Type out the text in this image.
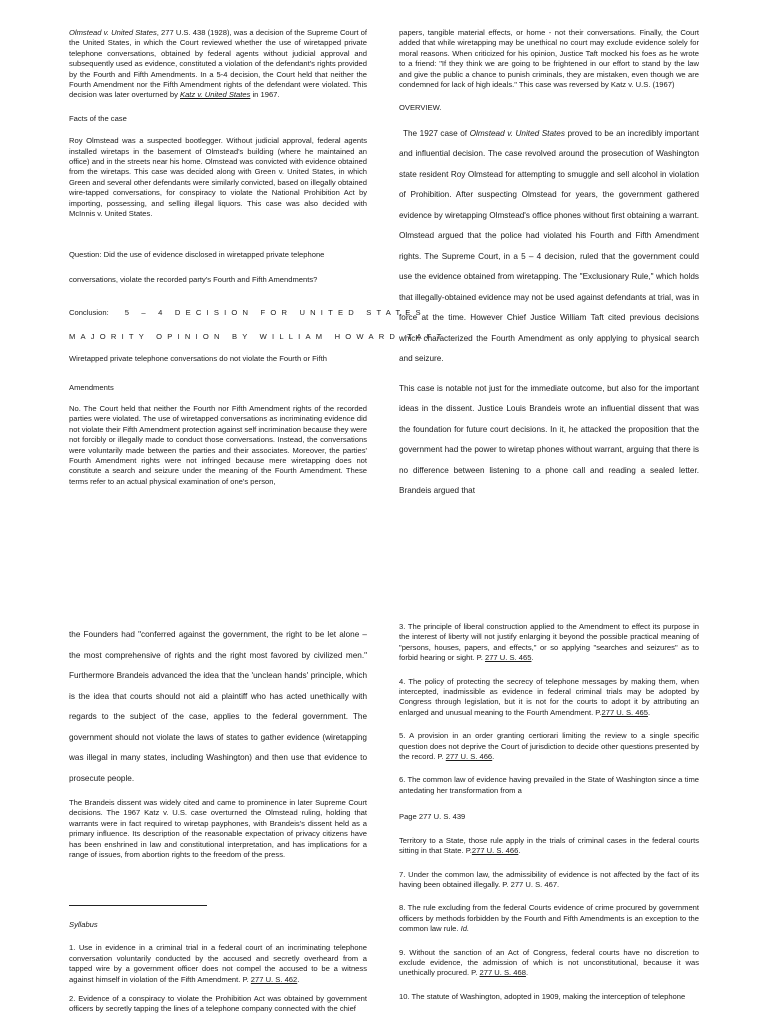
Olmstead v. United States, 277 U.S. 438 (1928), was a decision of the Supreme Court of the United States, in which the Court reviewed whether the use of wiretapped private telephone conversations, obtained by federal agents without judicial approval and subsequently used as evidence, constituted a violation of the defendant's rights provided by the Fourth and Fifth Amendments. In a 5-4 decision, the Court held that neither the Fourth Amendment nor the Fifth Amendment rights of the defendant were violated. This decision was later overturned by Katz v. United States in 1967.

Facts of the case

Roy Olmstead was a suspected bootlegger. Without judicial approval, federal agents installed wiretaps in the basement of Olmstead's building (where he maintained an office) and in the streets near his home. Olmstead was convicted with evidence obtained from the wiretaps. This case was decided along with Green v. United States, in which Green and several other defendants were similarly convicted, based on illegally obtained wire-tapped conversations, for conspiracy to violate the National Prohibition Act by importing, possessing, and selling illegal liquors. This case was also decided with McInnis v. United States.

Question: Did the use of evidence disclosed in wiretapped private telephone

conversations, violate the recorded party's Fourth and Fifth Amendments?

Conclusion: 5 – 4 DECISION FOR UNITED STATES

MAJORITY OPINION BY WILLIAM HOWARD TAFT

Wiretapped private telephone conversations do not violate the Fourth or Fifth

Amendments

No. The Court held that neither the Fourth nor Fifth Amendment rights of the recorded parties were violated. The use of wiretapped conversations as incriminating evidence did not violate their Fifth Amendment protection against self incrimination because they were not forcibly or illegally made to conduct those conversations. Instead, the conversations were voluntarily made between the parties and their associates. Moreover, the parties' Fourth Amendment rights were not infringed because mere wiretapping does not constitute a search and seizure under the meaning of the Fourth Amendment. These terms refer to an actual physical examination of one's person,

papers, tangible material effects, or home - not their conversations. Finally, the Court added that while wiretapping may be unethical no court may exclude evidence solely for moral reasons. When criticized for his opinion, Justice Taft mocked his foes as he wrote to a friend: "If they think we are going to be frightened in our effort to stand by the law and give the public a chance to punish criminals, they are mistaken, even though we are condemned for lack of high ideals." This case was reversed by Katz v. U.S. (1967)

OVERVIEW.

The 1927 case of Olmstead v. United States proved to be an incredibly important and influential decision. The case revolved around the prosecution of Washington state resident Roy Olmstead for attempting to smuggle and sell alcohol in violation of Prohibition. After suspecting Olmstead for years, the government gathered evidence by wiretapping Olmstead's office phones without first obtaining a warrant. Olmstead argued that the police had violated his Fourth and Fifth Amendment rights. The Supreme Court, in a 5 – 4 decision, ruled that the government could use the evidence obtained from wiretapping. The "Exclusionary Rule," which holds that illegally-obtained evidence may not be used against defendants at trial, was in force at the time. However Chief Justice William Taft cited previous decisions which characterized the Fourth Amendment as only applying to physical search and seizure.

This case is notable not just for the immediate outcome, but also for the important ideas in the dissent. Justice Louis Brandeis wrote an influential dissent that was the foundation for future court decisions. In it, he attacked the proposition that the government had the power to wiretap phones without warrant, arguing that there is no difference between listening to a phone call and reading a sealed letter. Brandeis argued that

the Founders had "conferred against the government, the right to be let alone – the most comprehensive of rights and the right most favored by civilized men." Furthermore Brandeis advanced the idea that the 'unclean hands' principle, which is the idea that courts should not aid a plaintiff who has acted unethically with regards to the subject of the case, applies to the federal government. The government should not violate the laws of states to gather evidence (wiretapping was illegal in many states, including Washington) and then use that evidence to prosecute people.

The Brandeis dissent was widely cited and came to prominence in later Supreme Court decisions. The 1967 Katz v. U.S. case overturned the Olmstead ruling, holding that warrants were in fact required to wiretap payphones, with Brandeis's dissent held as a primary influence. Its description of the reasonable expectation of privacy citizens have has been enshrined in law and constitutional interpretation, and has implications for a range of issues, from abortion rights to the freedom of the press.

Syllabus

1. Use in evidence in a criminal trial in a federal court of an incriminating telephone conversation voluntarily conducted by the accused and secretly overheard from a tapped wire by a government officer does not compel the accused to be a witness against himself in violation of the Fifth Amendment. P. 277 U. S. 462.

2. Evidence of a conspiracy to violate the Prohibition Act was obtained by government officers by secretly tapping the lines of a telephone company connected with the chief

3. The principle of liberal construction applied to the Amendment to effect its purpose in the interest of liberty will not justify enlarging it beyond the possible practical meaning of "persons, houses, papers, and effects," or so applying "searches and seizures" as to forbid hearing or sight. P. 277 U. S. 465.

4. The policy of protecting the secrecy of telephone messages by making them, when intercepted, inadmissible as evidence in federal criminal trials may be adopted by Congress through legislation, but it is not for the courts to adopt it by attributing an enlarged and unusual meaning to the Fourth Amendment. P.277 U. S. 465.

5. A provision in an order granting certiorari limiting the review to a single specific question does not deprive the Court of jurisdiction to decide other questions presented by the record. P. 277 U. S. 466.

6. The common law of evidence having prevailed in the State of Washington since a time antedating her transformation from a

Page 277 U. S. 439

Territory to a State, those rule apply in the trials of criminal cases in the federal courts sitting in that State. P.277 U. S. 466.

7. Under the common law, the admissibility of evidence is not affected by the fact of its having been obtained illegally. P. 277 U. S. 467.

8. The rule excluding from the federal Courts evidence of crime procured by government officers by methods forbidden by the Fourth and Fifth Amendments is an exception to the common law rule. Id.

9. Without the sanction of an Act of Congress, federal courts have no discretion to exclude evidence, the admission of which is not unconstitutional, because it was unethically procured. P. 277 U. S. 468.

10. The statute of Washington, adopted in 1909, making the interception of telephone
